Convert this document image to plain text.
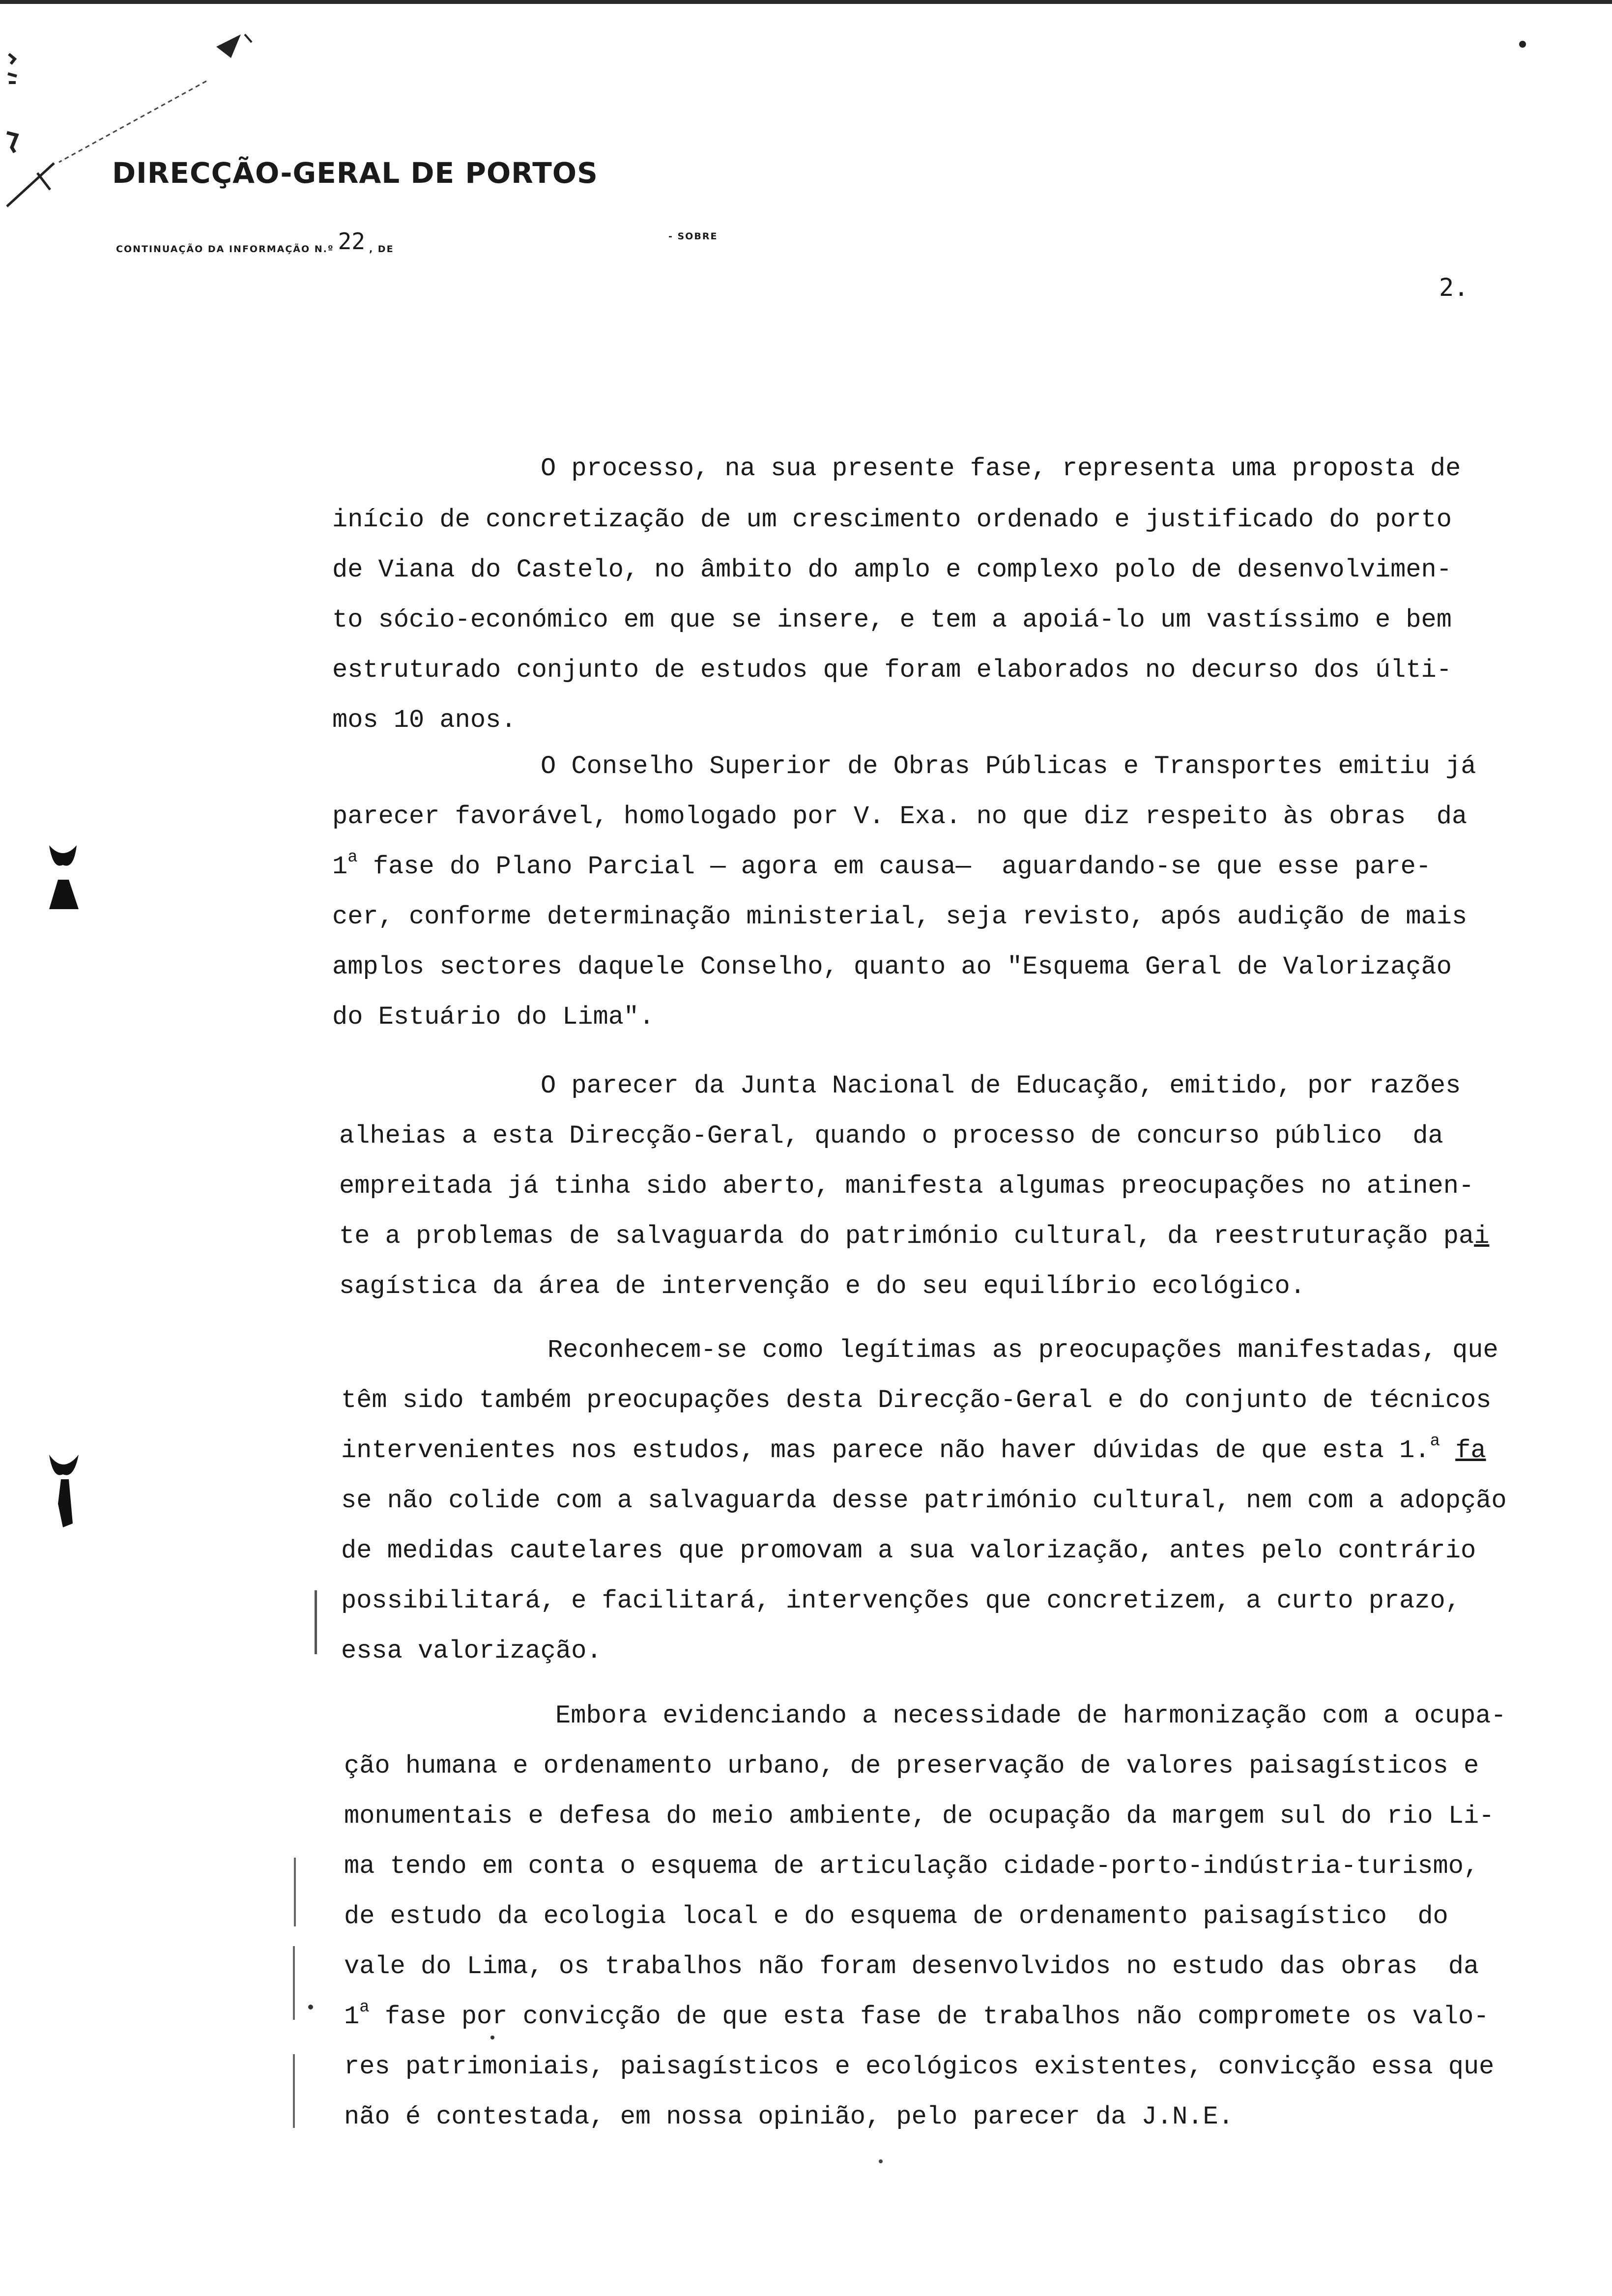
DIRECÇÃO-GERAL DE PORTOS
CONTINUAÇÃO DA INFORMAÇÃO N.º 22 , DE
- SOBRE
2.
O processo, na sua presente fase, representa uma proposta de
início de concretização de um crescimento ordenado e justificado do porto
de Viana do Castelo, no âmbito do amplo e complexo polo de desenvolvimen-
to sócio-económico em que se insere, e tem a apoiá-lo um vastíssimo e bem
estruturado conjunto de estudos que foram elaborados no decurso dos últi-
mos 10 anos.
O Conselho Superior de Obras Públicas e Transportes emitiu já
parecer favorável, homologado por V. Exa. no que diz respeito às obras  da
1$^a$ fase do Plano Parcial — agora em causa—  aguardando-se que esse pare-
cer, conforme determinação ministerial, seja revisto, após audição de mais
amplos sectores daquele Conselho, quanto ao "Esquema Geral de Valorização
do Estuário do Lima".
O parecer da Junta Nacional de Educação, emitido, por razões
alheias a esta Direcção-Geral, quando o processo de concurso público  da
empreitada já tinha sido aberto, manifesta algumas preocupações no atinen-
te a problemas de salvaguarda do património cultural, da reestruturação pai
sagística da área de intervenção e do seu equilíbrio ecológico.
Reconhecem-se como legítimas as preocupações manifestadas, que
têm sido também preocupações desta Direcção-Geral e do conjunto de técnicos
intervenientes nos estudos, mas parece não haver dúvidas de que esta 1.$^a$ fa
se não colide com a salvaguarda desse património cultural, nem com a adopção
de medidas cautelares que promovam a sua valorização, antes pelo contrário
possibilitará, e facilitará, intervenções que concretizem, a curto prazo,
essa valorização.
Embora evidenciando a necessidade de harmonização com a ocupa-
ção humana e ordenamento urbano, de preservação de valores paisagísticos e
monumentais e defesa do meio ambiente, de ocupação da margem sul do rio Li-
ma tendo em conta o esquema de articulação cidade-porto-indústria-turismo,
de estudo da ecologia local e do esquema de ordenamento paisagístico  do
vale do Lima, os trabalhos não foram desenvolvidos no estudo das obras  da
1$^a$ fase por convicção de que esta fase de trabalhos não compromete os valo-
res patrimoniais, paisagísticos e ecológicos existentes, convicção essa que
não é contestada, em nossa opinião, pelo parecer da J.N.E.
